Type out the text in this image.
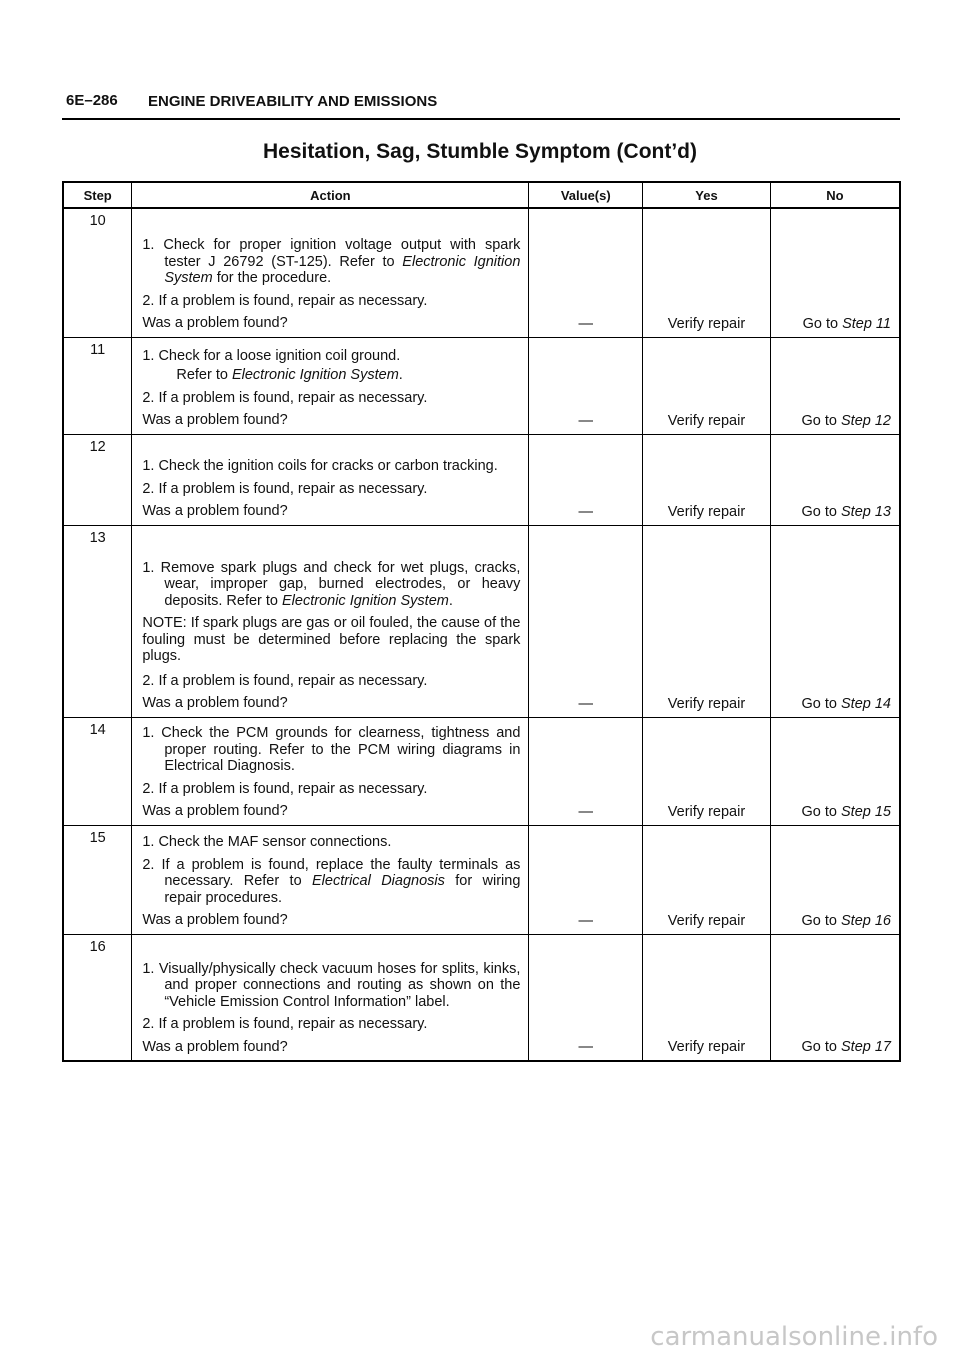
6E–286 ENGINE DRIVEABILITY AND EMISSIONS
Hesitation, Sag, Stumble Symptom (Cont’d)
Step	Action	Value(s)	Yes	No
10	1. Check for proper ignition voltage output with spark tester J 26792 (ST-125). Refer to Electronic Ignition System for the procedure.
2. If a problem is found, repair as necessary.
Was a problem found?	—	Verify repair	Go to Step 11
11	1. Check for a loose ignition coil ground.
Refer to Electronic Ignition System.
2. If a problem is found, repair as necessary.
Was a problem found?	—	Verify repair	Go to Step 12
12	1. Check the ignition coils for cracks or carbon tracking.
2. If a problem is found, repair as necessary.
Was a problem found?	—	Verify repair	Go to Step 13
13	1. Remove spark plugs and check for wet plugs, cracks, wear, improper gap, burned electrodes, or heavy deposits. Refer to Electronic Ignition System.
NOTE: If spark plugs are gas or oil fouled, the cause of the fouling must be determined before replacing the spark plugs.
2. If a problem is found, repair as necessary.
Was a problem found?	—	Verify repair	Go to Step 14
14	1. Check the PCM grounds for clearness, tightness and proper routing. Refer to the PCM wiring diagrams in Electrical Diagnosis.
2. If a problem is found, repair as necessary.
Was a problem found?	—	Verify repair	Go to Step 15
15	1. Check the MAF sensor connections.
2. If a problem is found, replace the faulty terminals as necessary. Refer to Electrical Diagnosis for wiring repair procedures.
Was a problem found?	—	Verify repair	Go to Step 16
16	1. Visually/physically check vacuum hoses for splits, kinks, and proper connections and routing as shown on the “Vehicle Emission Control Information” label.
2. If a problem is found, repair as necessary.
Was a problem found?	—	Verify repair	Go to Step 17
carmanualsonline.info
